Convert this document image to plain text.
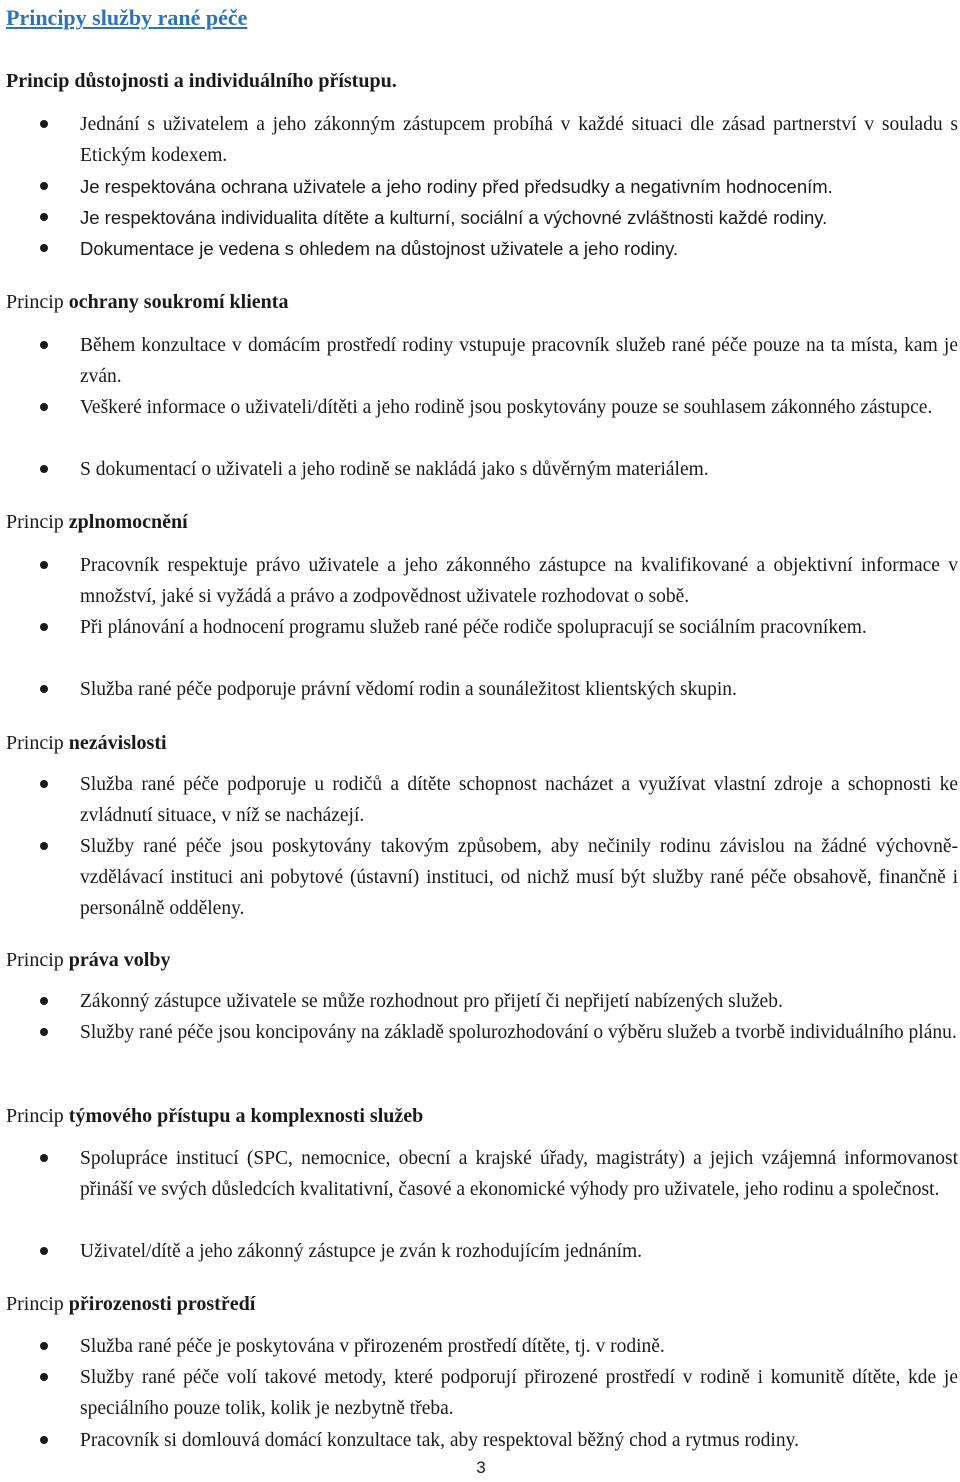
Principy služby rané péče
Princip důstojnosti a individuálního přístupu.
Jednání s uživatelem a jeho zákonným zástupcem probíhá v každé situaci dle zásad partnerství v souladu s Etickým kodexem.
Je respektována ochrana uživatele a jeho rodiny před předsudky a negativním hodnocením.
Je respektována individualita dítěte a kulturní, sociální a výchovné zvláštnosti každé rodiny.
Dokumentace je vedena s ohledem na důstojnost uživatele a jeho rodiny.
Princip ochrany soukromí klienta
Během konzultace v domácím prostředí rodiny vstupuje pracovník služeb rané péče pouze na ta místa, kam je zván.
Veškeré informace o uživateli/dítěti a jeho rodině jsou poskytovány pouze se souhlasem zákonného zástupce.
S dokumentací o uživateli a jeho rodině se nakládá jako s důvěrným materiálem.
Princip zplnomocnění
Pracovník respektuje právo uživatele a jeho zákonného zástupce na kvalifikované a objektivní informace v množství, jaké si vyžádá a právo a zodpovědnost uživatele rozhodovat o sobě.
Při plánování a hodnocení programu služeb rané péče rodiče spolupracují se sociálním pracovníkem.
Služba rané péče podporuje právní vědomí rodin a sounáležitost klientských skupin.
Princip nezávislosti
Služba rané péče podporuje u rodičů a dítěte schopnost nacházet a využívat vlastní zdroje a schopnosti ke zvládnutí situace, v níž se nacházejí.
Služby rané péče jsou poskytovány takovým způsobem, aby nečinily rodinu závislou na žádné výchovně-vzdělávací instituci ani pobytové (ústavní) instituci, od nichž musí být služby rané péče obsahově, finančně i personálně odděleny.
Princip práva volby
Zákonný zástupce uživatele se může rozhodnout pro přijetí či nepřijetí nabízených služeb.
Služby rané péče jsou koncipovány na základě spolurozhodování o výběru služeb a tvorbě individuálního plánu.
Princip týmového přístupu a komplexnosti služeb
Spolupráce institucí (SPC, nemocnice, obecní a krajské úřady, magistráty) a jejich vzájemná informovanost přináší ve svých důsledcích kvalitativní, časové a ekonomické výhody pro uživatele, jeho rodinu a společnost.
Uživatel/dítě a jeho zákonný zástupce je zván k rozhodujícím jednáním.
Princip přirozenosti prostředí
Služba rané péče je poskytována v přirozeném prostředí dítěte, tj. v rodině.
Služby rané péče volí takové metody, které podporují přirozené prostředí v rodině i komunitě dítěte, kde je speciálního pouze tolik, kolik je nezbytně třeba.
Pracovník si domlouvá domácí konzultace tak, aby respektoval běžný chod a rytmus rodiny.
3
